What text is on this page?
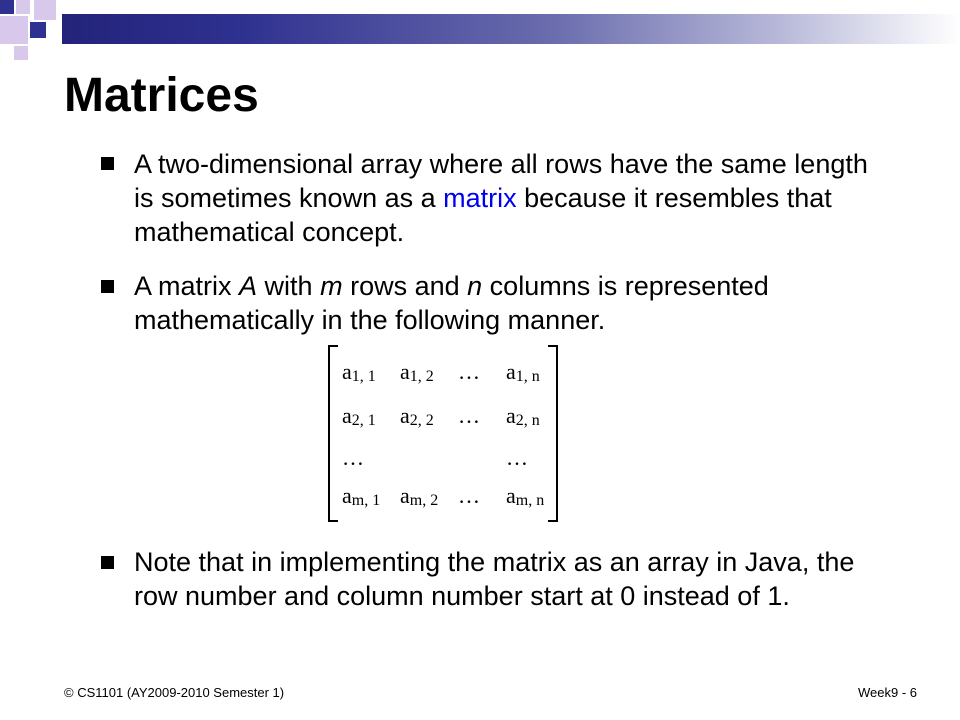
Matrices

A two-dimensional array where all rows have the same length is sometimes known as a matrix because it resembles that mathematical concept.

A matrix A with m rows and n columns is represented mathematically in the following manner.

$a_{1, 1}$ $a_{1, 2}$ … $a_{1, n}$
$a_{2, 1}$ $a_{2, 2}$ … $a_{2, n}$
…	…
$a_{m, 1}$ $a_{m, 2}$ … $a_{m, n}$

Note that in implementing the matrix as an array in Java, the row number and column number start at 0 instead of 1.

© CS1101 (AY2009-2010 Semester 1)	Week9 - 6
